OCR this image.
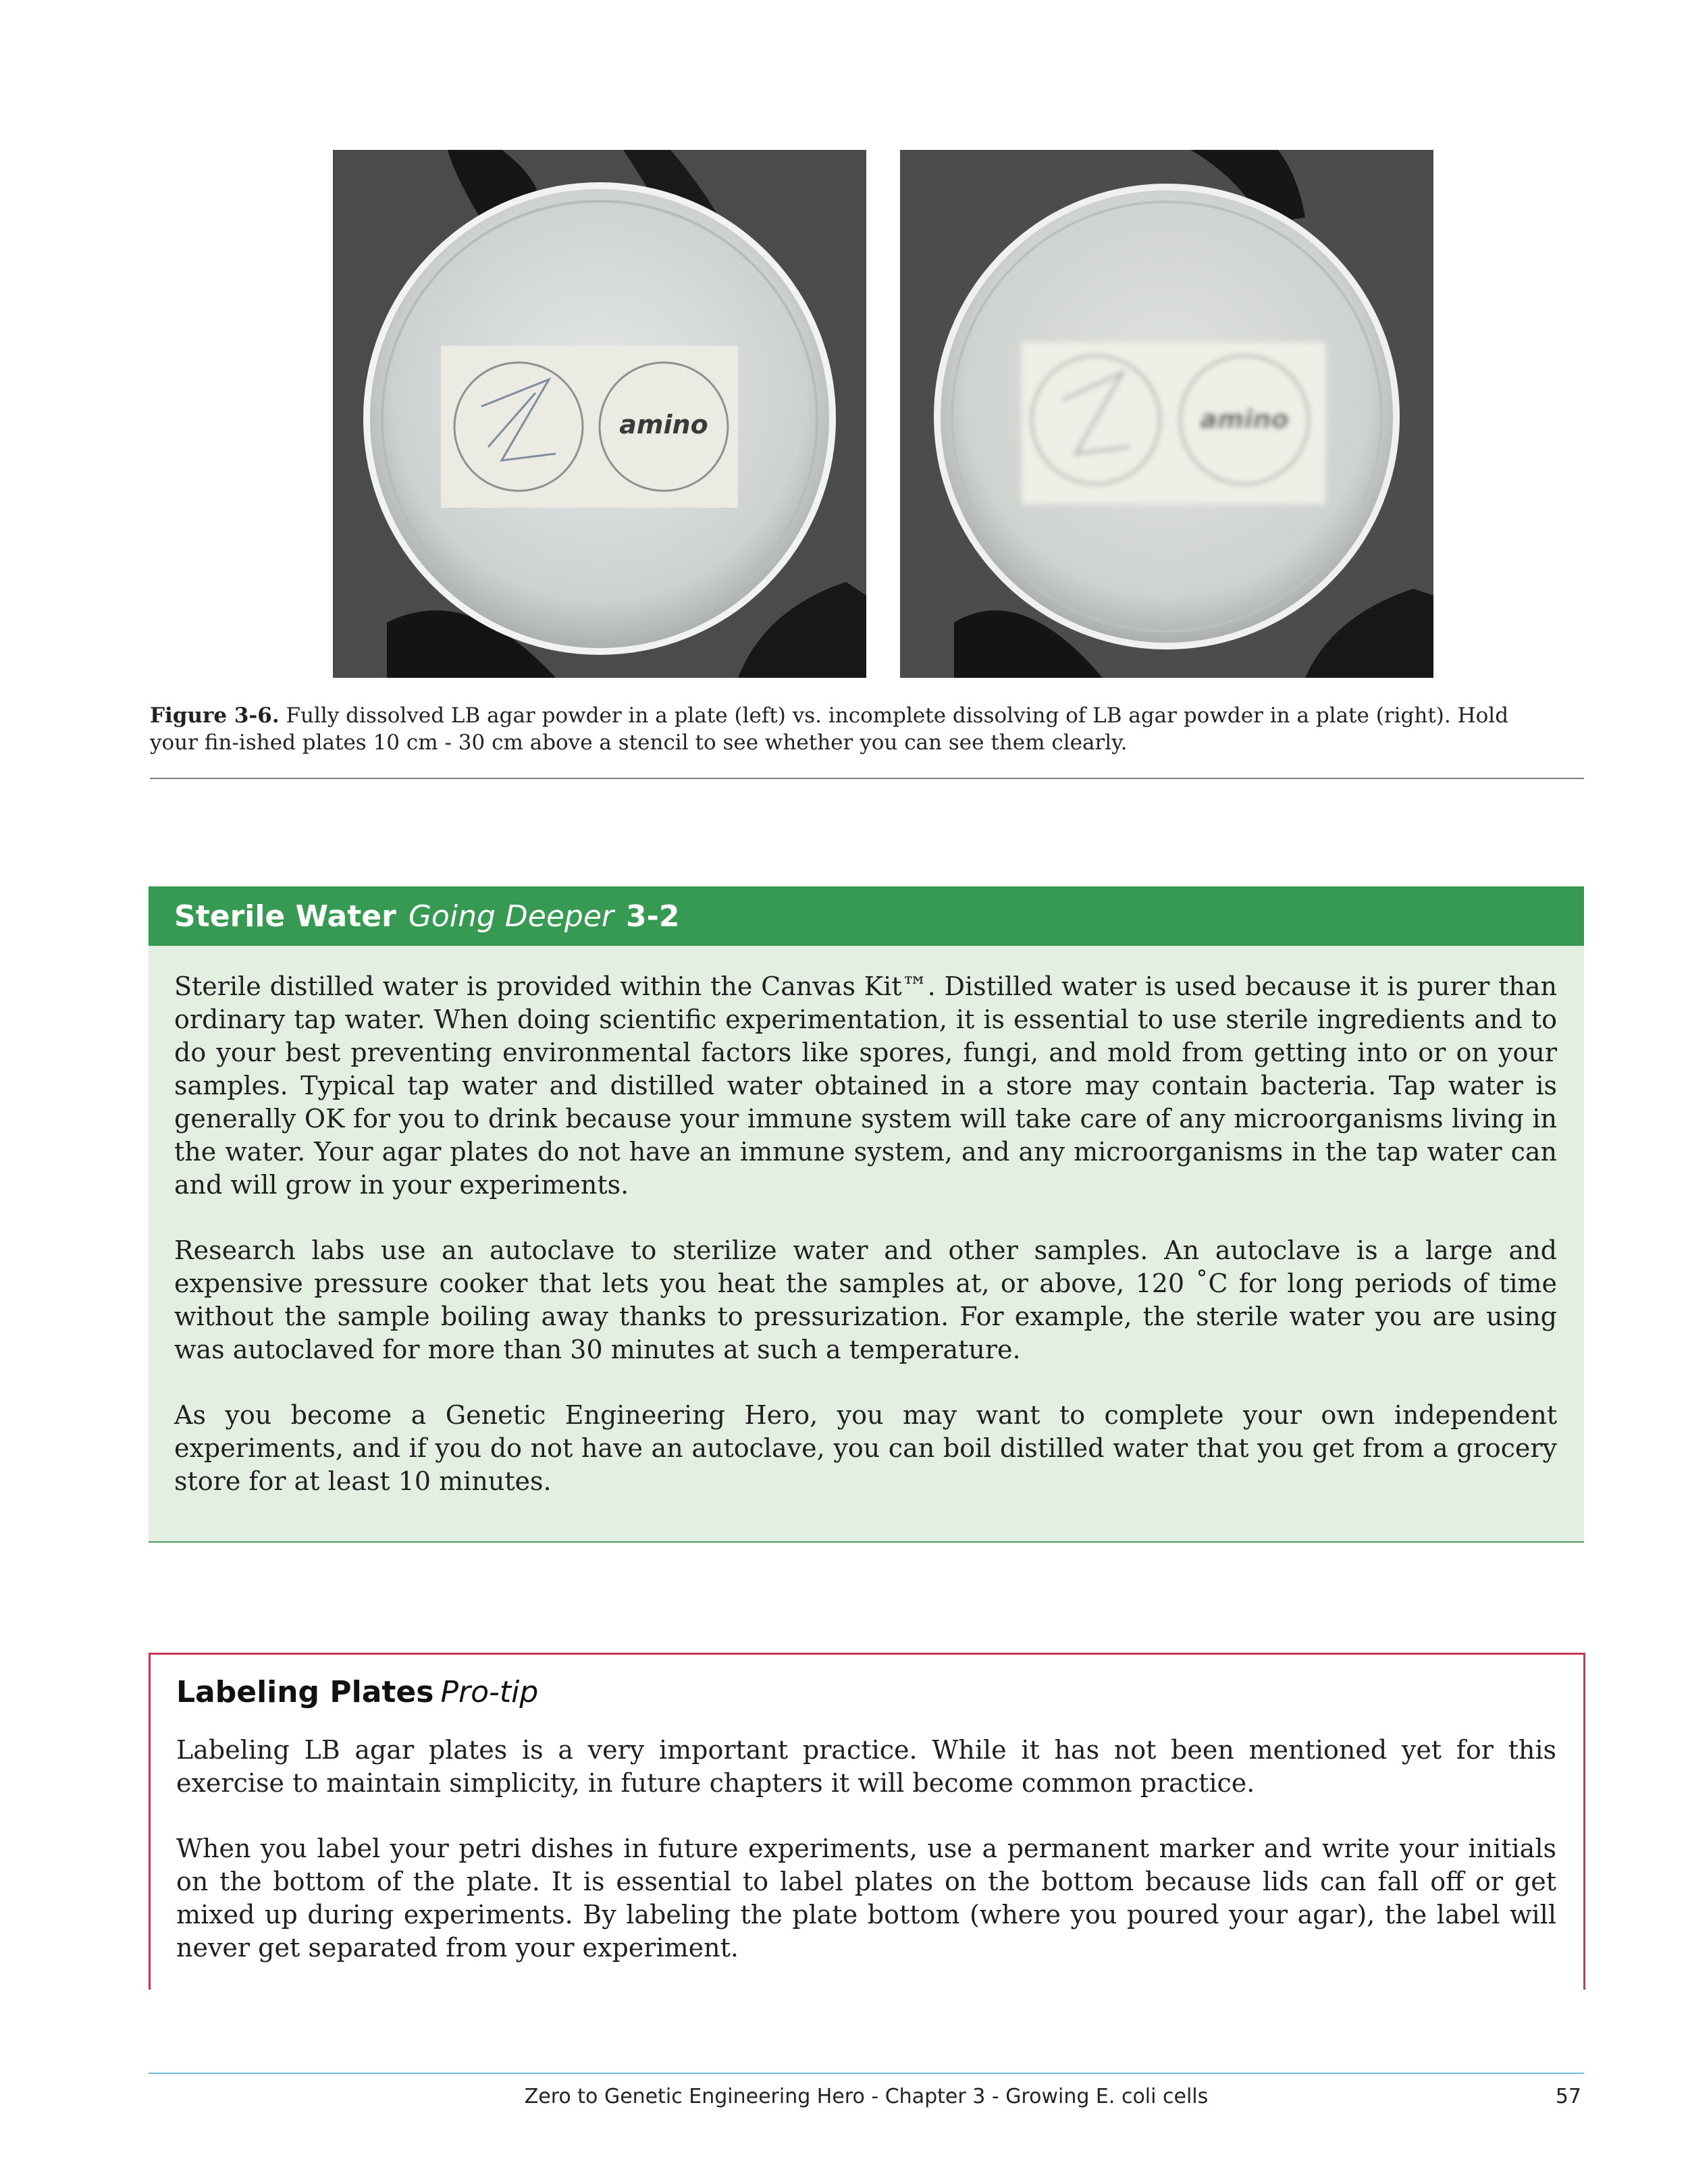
amino	amino
Figure 3-6. Fully dissolved LB agar powder in a plate (left) vs. incomplete dissolving of LB agar powder in a plate (right). Hold your fin-ished plates 10 cm - 30 cm above a stencil to see whether you can see them clearly.
Sterile Water Going Deeper 3-2

Sterile distilled water is provided within the Canvas Kit™. Distilled water is used because it is purer than ordinary tap water. When doing scientific experimentation, it is essential to use sterile ingredients and to do your best preventing environmental factors like spores, fungi, and mold from getting into or on your samples. Typical tap water and distilled water obtained in a store may contain bacteria. Tap water is generally OK for you to drink because your immune system will take care of any microorganisms living in the water. Your agar plates do not have an immune system, and any microorganisms in the tap water can and will grow in your experiments.

Research labs use an autoclave to sterilize water and other samples. An autoclave is a large and expensive pressure cooker that lets you heat the samples at, or above, 120 ˚C for long periods of time without the sample boiling away thanks to pressurization. For example, the sterile water you are using was autoclaved for more than 30 minutes at such a temperature.

As you become a Genetic Engineering Hero, you may want to complete your own independent experiments, and if you do not have an autoclave, you can boil distilled water that you get from a grocery store for at least 10 minutes.

Labeling Plates Pro-tip

Labeling LB agar plates is a very important practice. While it has not been mentioned yet for this exercise to maintain simplicity, in future chapters it will become common practice.

When you label your petri dishes in future experiments, use a permanent marker and write your initials on the bottom of the plate. It is essential to label plates on the bottom because lids can fall off or get mixed up during experiments. By labeling the plate bottom (where you poured your agar), the label will never get separated from your experiment.

Zero to Genetic Engineering Hero - Chapter 3 - Growing E. coli cells	57
